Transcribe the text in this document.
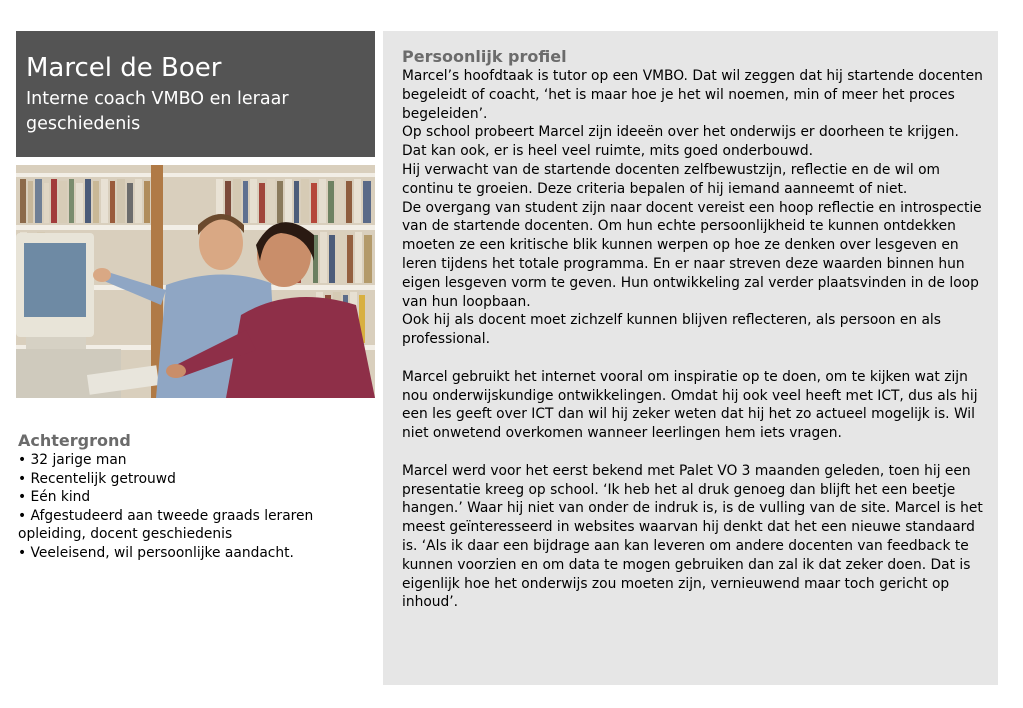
Marcel de Boer
Interne coach VMBO en leraar geschiedenis
Achtergrond
• 32 jarige man
• Recentelijk getrouwd
• Eén kind
• Afgestudeerd aan tweede graads leraren opleiding, docent geschiedenis
• Veeleisend, wil persoonlijke aandacht.
Persoonlijk profiel

Marcel’s hoofdtaak is tutor op een VMBO. Dat wil zeggen dat hij startende docenten begeleidt of coacht, ‘het is maar hoe je het wil noemen, min of meer het proces begeleiden’.

Op school probeert Marcel zijn ideeën over het onderwijs er doorheen te krijgen. Dat kan ook, er is heel veel ruimte, mits goed onderbouwd.

Hij verwacht van de startende docenten zelfbewustzijn, reflectie en de wil om continu te groeien. Deze criteria bepalen of hij iemand aanneemt of niet.

De overgang van student zijn naar docent vereist een hoop reflectie en introspectie van de startende docenten. Om hun echte persoonlijkheid te kunnen ontdekken moeten ze een kritische blik kunnen werpen op hoe ze denken over lesgeven en leren tijdens het totale programma. En er naar streven deze waarden binnen hun eigen lesgeven vorm te geven. Hun ontwikkeling zal verder plaatsvinden in de loop van hun loopbaan.

Ook hij als docent moet zichzelf kunnen blijven reflecteren, als persoon en als professional.

Marcel gebruikt het internet vooral om inspiratie op te doen, om te kijken wat zijn nou onderwijskundige ontwikkelingen. Omdat hij ook veel heeft met ICT, dus als hij een les geeft over ICT dan wil hij zeker weten dat hij het zo actueel mogelijk is. Wil niet onwetend overkomen wanneer leerlingen hem iets vragen.

Marcel werd voor het eerst bekend met Palet VO 3 maanden geleden, toen hij een presentatie kreeg op school. ‘Ik heb het al druk genoeg dan blijft het een beetje hangen.’ Waar hij niet van onder de indruk is, is de vulling van de site. Marcel is het meest geïnteresseerd in websites waarvan hij denkt dat het een nieuwe standaard is. ‘Als ik daar een bijdrage aan kan leveren om andere docenten van feedback te kunnen voorzien en om data te mogen gebruiken dan zal ik dat zeker doen. Dat is eigenlijk hoe het onderwijs zou moeten zijn, vernieuwend maar toch gericht op inhoud’.
